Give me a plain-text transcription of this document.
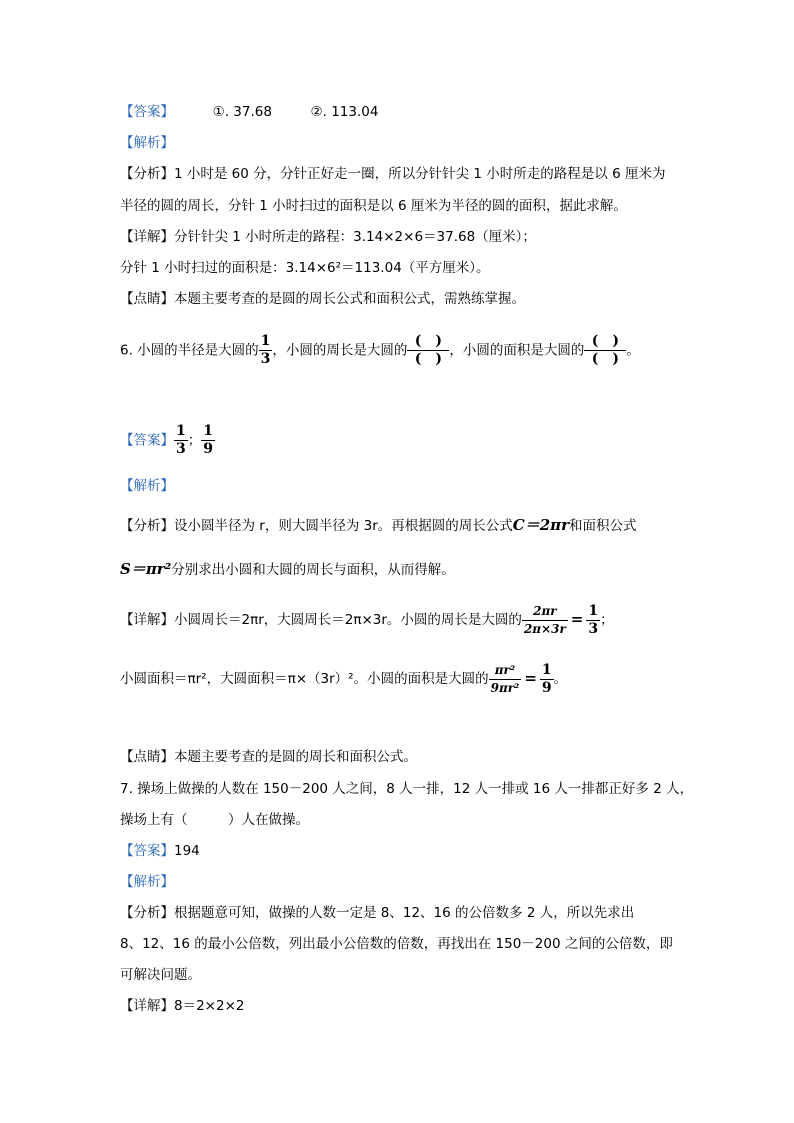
【答案】	①. 37.68	②. 113.04
【解析】
【分析】1 小时是 60 分，分针正好走一圈，所以分针针尖 1 小时所走的路程是以 6 厘米为
半径的圆的周长，分针 1 小时扫过的面积是以 6 厘米为半径的圆的面积，据此求解。
【详解】分针针尖 1 小时所走的路程：3.14×2×6＝37.68（厘米）；
分针 1 小时扫过的面积是：3.14×6²＝113.04（平方厘米）。
【点睛】本题主要考查的是圆的周长公式和面积公式，需熟练掌握。
6. 小圆的半径是大圆的 $\frac{1}{3}$ ，小圆的周长是大圆的 $\frac{( )}{( )}$ ，小圆的面积是大圆的 $\frac{( )}{( )}$ 。
【答案】 $\frac{1}{3}$ ； $\frac{1}{9}$
【解析】
【分析】设小圆半径为 r，则大圆半径为 3r。再根据圆的周长公式C＝2πr和面积公式
S＝πr²分别求出小圆和大圆的周长与面积，从而得解。
【详解】小圆周长＝2πr，大圆周长＝2π×3r。小圆的周长是大圆的 $\frac{2\pi r}{2\pi\times 3r} = \frac{1}{3}$ ；
小圆面积＝πr²，大圆面积＝π×（3r）²。小圆的面积是大圆的 $\frac{\text{πr²}}{\text{9πr²}} = \frac{1}{9}$ 。
【点睛】本题主要考查的是圆的周长和面积公式。
7. 操场上做操的人数在 150－200 人之间，8 人一排，12 人一排或 16 人一排都正好多 2 人，
操场上有（　　　）人在做操。
【答案】194
【解析】
【分析】根据题意可知，做操的人数一定是 8、12、16 的公倍数多 2 人，所以先求出
8、12、16 的最小公倍数，列出最小公倍数的倍数，再找出在 150－200 之间的公倍数，即
可解决问题。
【详解】8＝2×2×2
